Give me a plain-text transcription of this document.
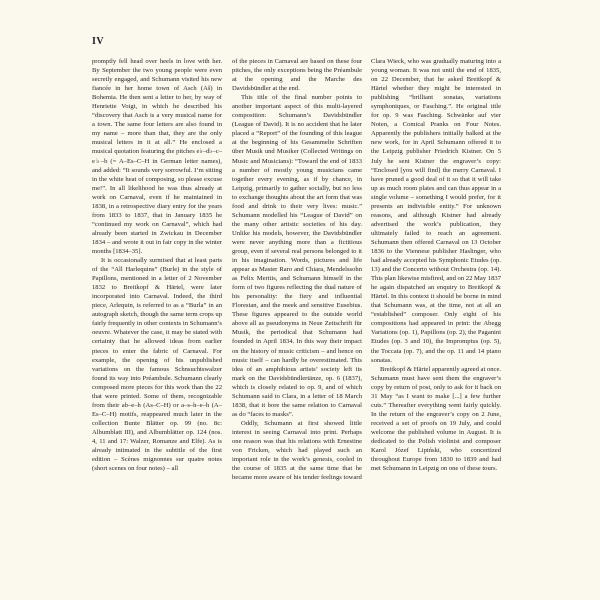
IV

promptly fell head over heels in love with her. By September the two young people were even secretly engaged, and Schumann visited his new fiancée in her home town of Asch (Aš) in Bohemia. He then sent a letter to her, by way of Henriette Voigt, in which he described his “discovery that Asch is a very musical name for a town. The same four letters are also found in my name – more than that, they are the only musical letters in it at all.” He enclosed a musical quotation featuring the pitches e♭–d♭–c–e♭–b (= A–Es–C–H in German letter names), and added: “It sounds very sorrowful. I’m sitting in the white heat of composing, so please excuse me!”. In all likelihood he was thus already at work on Carnaval, even if he maintained in 1838, in a retrospective diary entry for the years from 1833 to 1837, that in January 1835 he “continued my work on Carnaval”, which had already been started in Zwickau in December 1834 – and wrote it out in fair copy in the winter months [1834–35].

It is occasionally surmised that at least parts of the “All Harlequins” (Burle) in the style of Papillons, mentioned in a letter of 2 November 1832 to Breitkopf & Härtel, were later incorporated into Carnaval. Indeed, the third piece, Arlequin, is referred to as a “Burla” in an autograph sketch, though the same term crops up fairly frequently in other contexts in Schumann’s oeuvre. Whatever the case, it may be stated with certainty that he allowed ideas from earlier pieces to enter the fabric of Carnaval. For example, the opening of his unpublished variations on the famous Schnsuchtswalzer found its way into Préambule. Schumann clearly composed more pieces for this work than the 22 that were printed. Some of them, recognizable from their ab–e–h (As–C–H) or a–s–h–e–h (A–Es–C–H) motifs, reappeared much later in the collection Bunte Blätter op. 99 (no. 8c: Albumblatt III), and Albumblätter op. 124 (nos. 4, 11 and 17: Walzer, Romanze and Elfe). As is already intimated in the subtitle of the first edition – Scènes mignonnes sur quatre notes (short scenes on four notes) – all

of the pieces in Carnaval are based on these four pitches, the only exceptions being the Préambule at the opening and the Marche des Davidsbündler at the end.

This title of the final number points to another important aspect of this multi-layered composition: Schumann’s Davidsbündler (League of David). It is no accident that he later placed a “Report” of the founding of this league at the beginning of his Gesammelte Schriften über Musik und Musiker (Collected Writings on Music and Musicians): “Toward the end of 1833 a number of mostly young musicians came together every evening, as if by chance, in Leipzig, primarily to gather socially, but no less to exchange thoughts about the art form that was food and drink to their very lives: music.” Schumann modelled his “League of David” on the many other artistic societies of his day. Unlike his models, however, the Davidsbündler were never anything more than a fictitious group, even if several real persons belonged to it in his imagination. Words, pictures and life appear as Master Raro and Chiara, Mendelssohn as Felix Meritis, and Schumann himself in the form of two figures reflecting the dual nature of his personality: the fiery and influential Florestan, and the meek and sensitive Eusebius. These figures appeared to the outside world above all as pseudonyms in Neue Zeitschrift für Musik, the periodical that Schumann had founded in April 1834. In this way their impact on the history of music criticism – and hence on music itself – can hardly be overestimated. This idea of an amphibious artists’ society left its mark on the Davidsbündlertänze, op. 6 (1837), which is closely related to op. 9, and of which Schumann said to Clara, in a letter of 18 March 1838, that it bore the same relation to Carnaval as do “faces to masks”.

Oddly, Schumann at first showed little interest in seeing Carnaval into print. Perhaps one reason was that his relations with Ernestine von Fricken, which had played such an important role in the work’s genesis, cooled in the course of 1835 at the same time that he became more aware of his tender feelings toward

Clara Wieck, who was gradually maturing into a young woman. It was not until the end of 1835, on 22 December, that he asked Breitkopf & Härtel whether they might be interested in publishing “brilliant sonatas, variations symphoniques, or Fasching.”. He original title for op. 9 was Fasching. Schwänke auf vier Noten, a Comical Pranks on Four Notes. Apparently the publishers initially balked at the new work, for in April Schumann offered it to the Leipzig publisher Friedrich Kistner. On 5 July he sent Kistner the engraver’s copy: “Enclosed [you will find] the merry Carnaval. I have pruned a good deal of it so that it will take up as much room plates and can thus appear in a single volume – something I would prefer, for it presents an indivisible entity.” For unknown reasons, and although Kistner had already advertised the work’s publication, they ultimately failed to reach an agreement. Schumann then offered Carnaval on 13 October 1836 to the Viennese publisher Haslinger, who had already accepted his Symphonic Etudes (op. 13) and the Concerto without Orchestra (op. 14). This plan likewise misfired, and on 22 May 1837 he again dispatched an enquiry to Breitkopf & Härtel. In this context it should be borne in mind that Schumann was, at the time, not at all an “established” composer. Only eight of his compositions had appeared in print: the Abegg Variations (op. 1), Papillons (op. 2), the Paganini Etudes (op. 3 and 10), the Impromptus (op. 5), the Toccata (op. 7), and the op. 11 and 14 piano sonatas.

Breitkopf & Härtel apparently agreed at once. Schumann must have sent them the engraver’s copy by return of post, only to ask for it back on 31 May “as I want to make [...] a few further cuts.” Thereafter everything went fairly quickly. In the return of the engraver’s copy on 2 June, received a set of proofs on 19 July, and could welcome the published volume in August. It is dedicated to the Polish violinist and composer Karol Józef Lipiński, who concertized throughout Europe from 1830 to 1839 and had met Schumann in Leipzig on one of these tours.
